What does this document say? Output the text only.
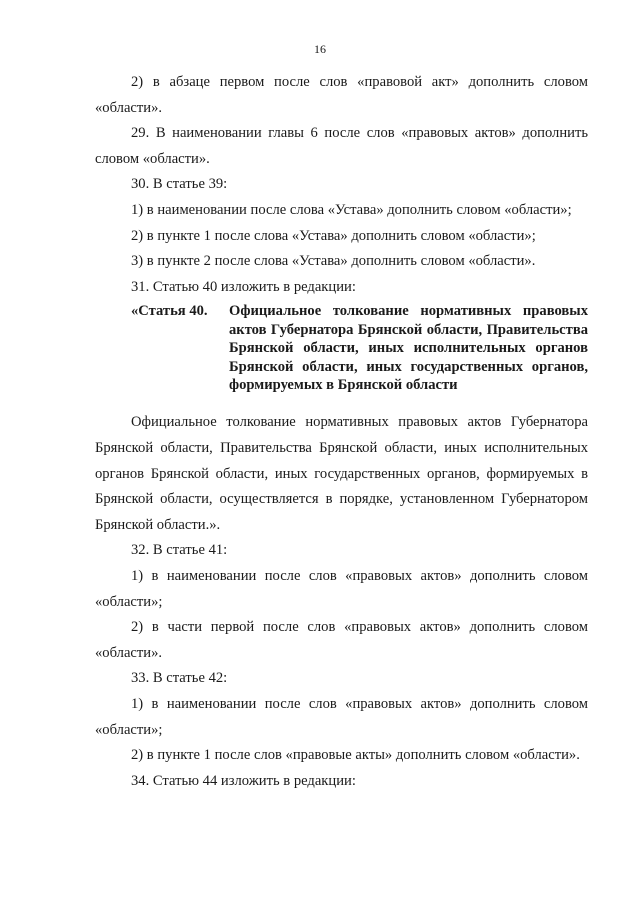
16

2) в абзаце первом после слов «правовой акт» дополнить словом «области».

29. В наименовании главы 6 после слов «правовых актов» дополнить словом «области».

30. В статье 39:

1) в наименовании после слова «Устава» дополнить словом «области»;

2) в пункте 1 после слова «Устава» дополнить словом «области»;

3) в пункте 2 после слова «Устава» дополнить словом «области».

31. Статью 40 изложить в редакции:

«Статья 40.	Официальное толкование нормативных правовых актов Губернатора Брянской области, Правительства Брянской области, иных исполнительных органов Брянской области, иных государственных органов, формируемых в Брянской области

Официальное толкование нормативных правовых актов Губернатора Брянской области, Правительства Брянской области, иных исполнительных органов Брянской области, иных государственных органов, формируемых в Брянской области, осуществляется в порядке, установленном Губернатором Брянской области.».

32. В статье 41:

1) в наименовании после слов «правовых актов» дополнить словом «области»;

2) в части первой после слов «правовых актов» дополнить словом «области».

33. В статье 42:

1) в наименовании после слов «правовых актов» дополнить словом «области»;

2) в пункте 1 после слов «правовые акты» дополнить словом «области».

34. Статью 44 изложить в редакции:
